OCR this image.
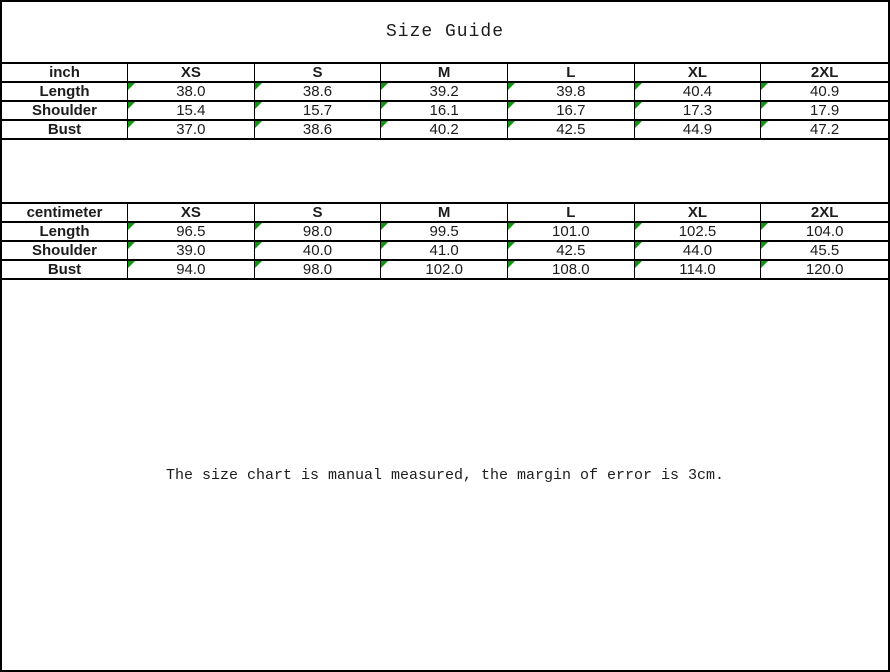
Size Guide
inch	XS	S	M	L	XL	2XL
Length	38.0	38.6	39.2	39.8	40.4	40.9
Shoulder	15.4	15.7	16.1	16.7	17.3	17.9
Bust	37.0	38.6	40.2	42.5	44.9	47.2
centimeter	XS	S	M	L	XL	2XL
Length	96.5	98.0	99.5	101.0	102.5	104.0
Shoulder	39.0	40.0	41.0	42.5	44.0	45.5
Bust	94.0	98.0	102.0	108.0	114.0	120.0
The size chart is manual measured, the margin of error is 3cm.
